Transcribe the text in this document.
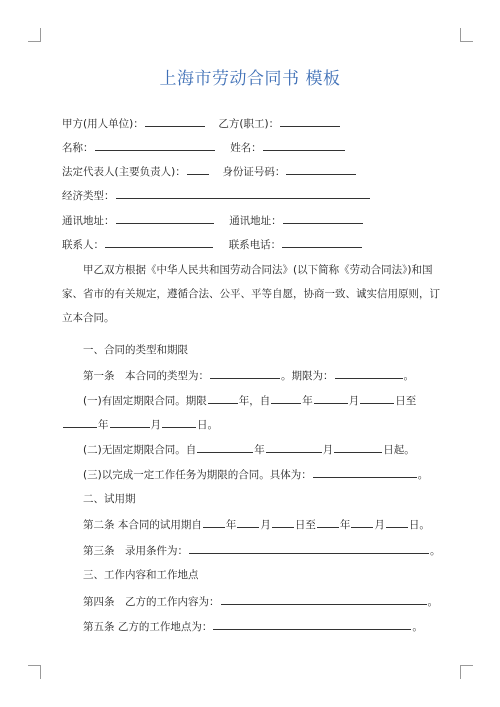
上海市劳动合同书 模板
甲方(用人单位)：	乙方(职工)：
名称：	姓名：
法定代表人(主要负责人)：	身份证号码：
经济类型：
通讯地址：	通讯地址：
联系人：	联系电话：
甲乙双方根据《中华人民共和国劳动合同法》(以下简称《劳动合同法》)和国家、省市的有关规定，遵循合法、公平、平等自愿，协商一致、诚实信用原则，订立本合同。
一、合同的类型和期限
第一条　本合同的类型为：	。期限为：	。
(一)有固定期限合同。期限	年，自	年	月	日至
年	月	日。
(二)无固定期限合同。自	年	月	日起。
(三)以完成一定工作任务为期限的合同。具体为：	。
二、试用期
第二条 本合同的试用期自 年 月 日至 年 月 日。
第三条　录用条件为：	。
三、工作内容和工作地点
第四条　乙方的工作内容为：	。
第五条 乙方的工作地点为：	。
